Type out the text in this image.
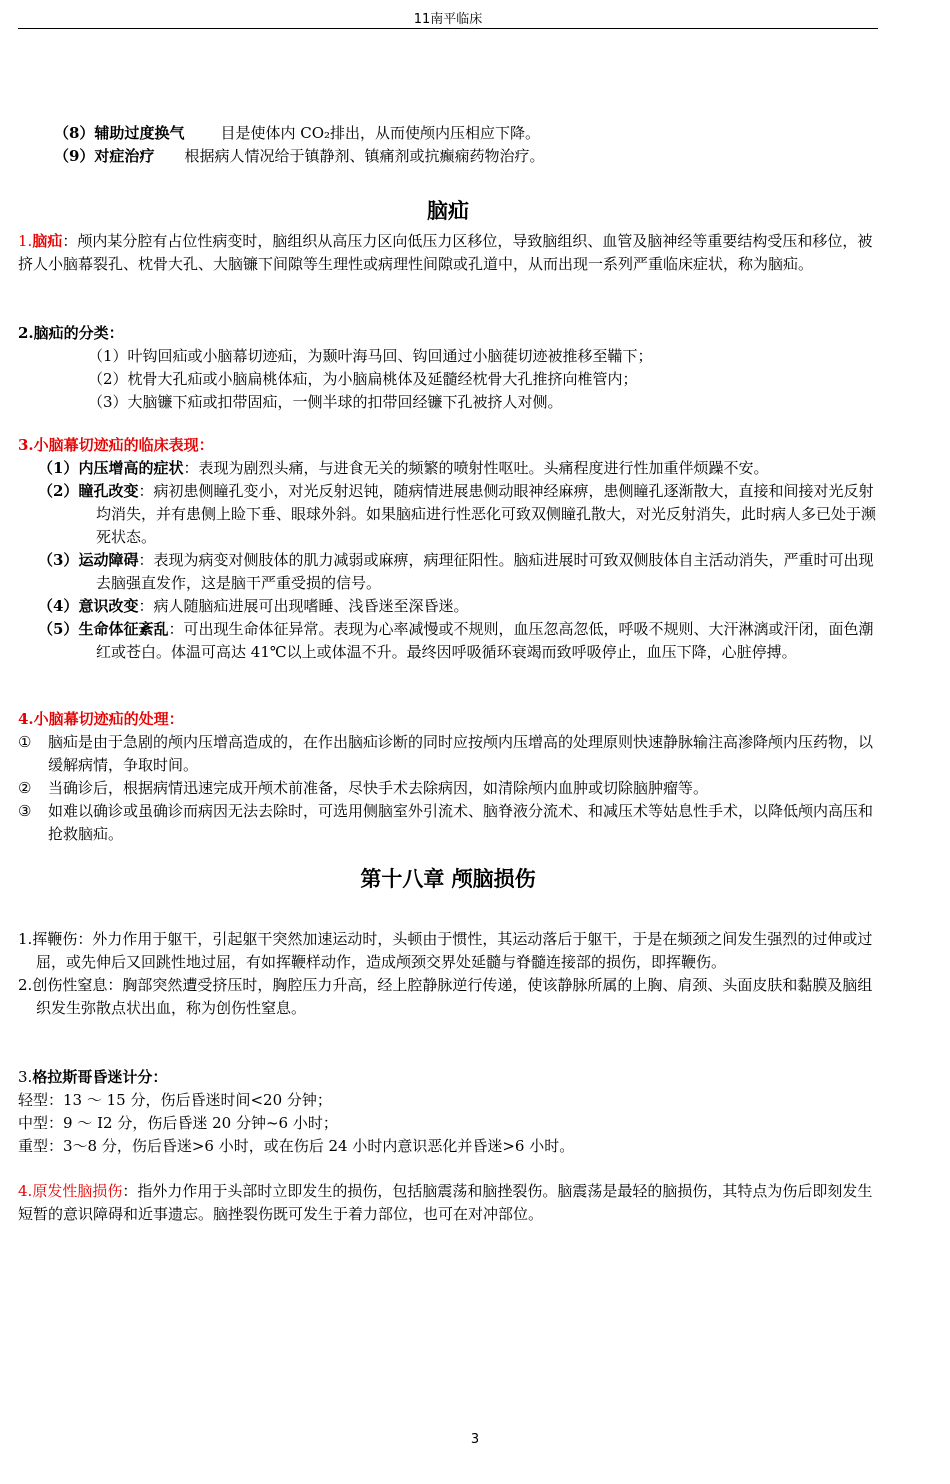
11南平临床
（8）辅助过度换气 目是使体内 CO₂排出，从而使颅内压相应下降。
（9）对症治疗 根据病人情况给于镇静剂、镇痛剂或抗癫痫药物治疗。
脑疝
1.脑疝：颅内某分腔有占位性病变时，脑组织从高压力区向低压力区移位，导致脑组织、血管及脑神经等重要结构受压和移位，被挤人小脑幕裂孔、枕骨大孔、大脑镰下间隙等生理性或病理性间隙或孔道中，从而出现一系列严重临床症状，称为脑疝。
2.脑疝的分类：
（1）叶钩回疝或小脑幕切迹疝，为颞叶海马回、钩回通过小脑蓰切迹被推移至鞴下；
（2）枕骨大孔疝或小脑扁桃体疝，为小脑扁桃体及延髓经枕骨大孔推挤向椎管内；
（3）大脑镰下疝或扣带固疝，一侧半球的扣带回经镰下孔被挤人对侧。
3.小脑幕切迹疝的临床表现：
（1）内压增高的症状：表现为剧烈头痛，与进食无关的频繁的喷射性呕吐。头痛程度进行性加重伴烦躁不安。
（2）瞳孔改变：病初患侧瞳孔变小，对光反射迟钝，随病情进展患侧动眼神经麻痹，患侧瞳孔逐渐散大，直接和间接对光反射均消失，并有患侧上睑下垂、眼球外斜。如果脑疝进行性恶化可致双侧瞳孔散大，对光反射消失，此时病人多已处于濒死状态。
（3）运动障碍：表现为病变对侧肢体的肌力减弱或麻痹，病理征阳性。脑疝进展时可致双侧肢体自主活动消失，严重时可出现去脑强直发作，这是脑干严重受损的信号。
（4）意识改变：病人随脑疝进展可出现嗜睡、浅昏迷至深昏迷。
（5）生命体征紊乱：可出现生命体征异常。表现为心率减慢或不规则，血压忽高忽低，呼吸不规则、大汗淋漓或汗闭，面色潮红或苍白。体温可高达 41℃以上或体温不升。最终因呼吸循环衰竭而致呼吸停止，血压下降，心脏停搏。
4.小脑幕切迹疝的处理：
① 脑疝是由于急剧的颅内压增高造成的，在作出脑疝诊断的同时应按颅内压增高的处理原则快速静脉输注高渗降颅内压药物，以缓解病情，争取时间。
② 当确诊后，根据病情迅速完成开颅术前准备，尽快手术去除病因，如清除颅内血肿或切除脑肿瘤等。
③ 如难以确诊或虽确诊而病因无法去除时，可选用侧脑室外引流术、脑脊液分流术、和减压术等姑息性手术，以降低颅内高压和抢救脑疝。
第十八章 颅脑损伤
1.挥鞭伤：外力作用于躯干，引起躯干突然加速运动时，头顿由于惯性，其运动落后于躯干，于是在频颈之间发生强烈的过伸或过屈，或先伸后又回跳性地过屈，有如挥鞭样动作，造成颅颈交界处延髓与脊髓连接部的损伤，即挥鞭伤。
2.创伤性窒息：胸部突然遭受挤压时，胸腔压力升高，经上腔静脉逆行传递，使该静脉所属的上胸、肩颈、头面皮肤和黏膜及脑组织发生弥散点状出血，称为创伤性窒息。
3.格拉斯哥昏迷计分：
轻型：13 ～ 15 分，伤后昏迷时间<20 分钟；
中型：9 ～ I2 分，伤后昏迷 20 分钟~6 小时；
重型：3～8 分，伤后昏迷>6 小时，或在伤后 24 小时内意识恶化并昏迷>6 小时。
4.原发性脑损伤：指外力作用于头部时立即发生的损伤，包括脑震荡和脑挫裂伤。脑震荡是最轻的脑损伤，其特点为伤后即刻发生短暂的意识障碍和近事遗忘。脑挫裂伤既可发生于着力部位，也可在对冲部位。
3
